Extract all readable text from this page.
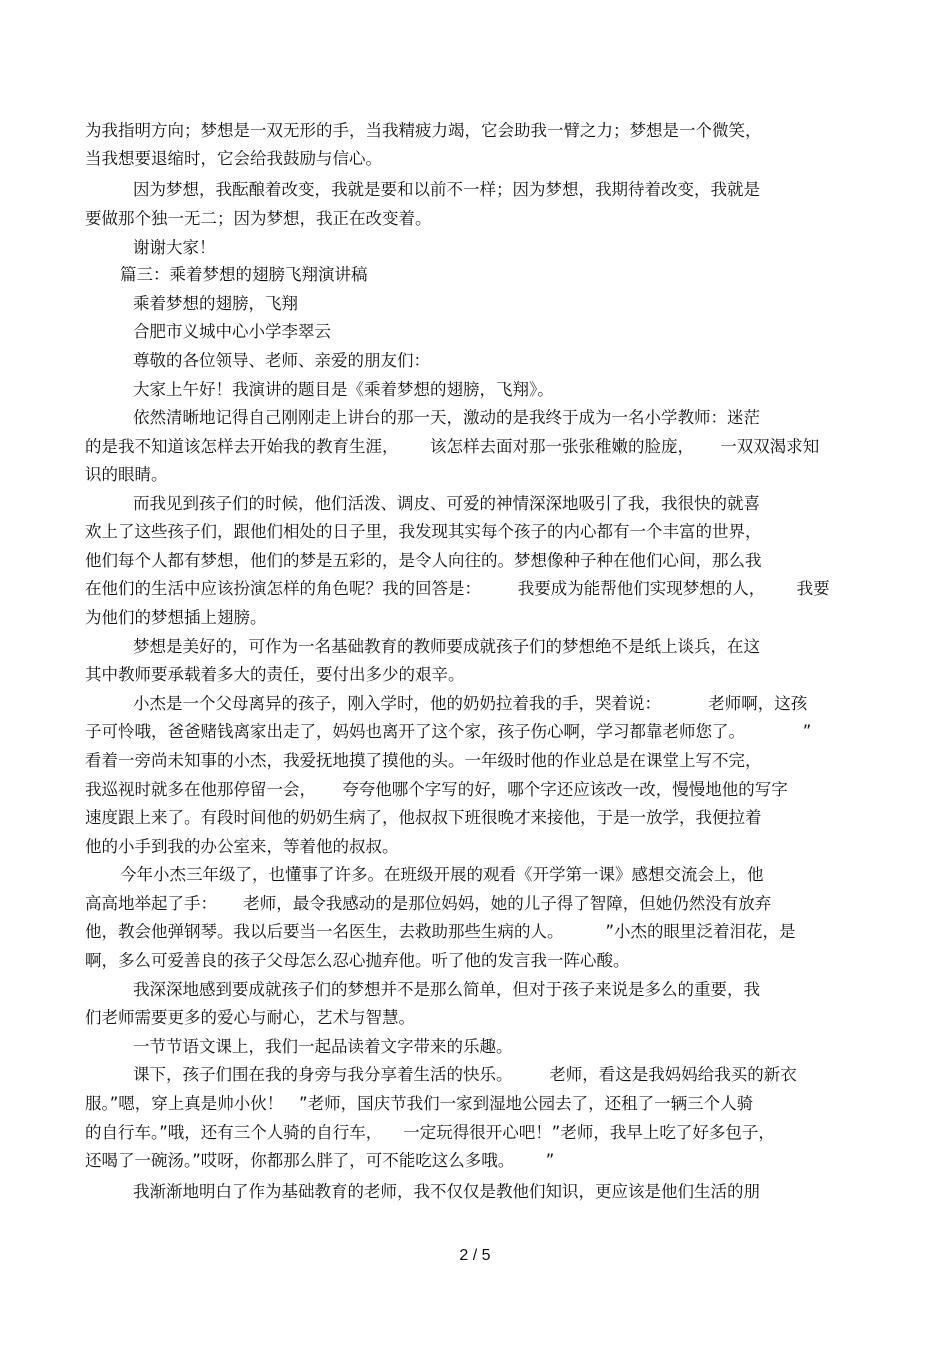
为我指明方向；梦想是一双无形的手，当我精疲力竭，它会助我一臂之力；梦想是一个微笑，

当我想要退缩时，它会给我鼓励与信心。

因为梦想，我酝酿着改变，我就是要和以前不一样；因为梦想，我期待着改变，我就是

要做那个独一无二；因为梦想，我正在改变着。

谢谢大家！

篇三：乘着梦想的翅膀飞翔演讲稿

乘着梦想的翅膀，飞翔

合肥市义城中心小学李翠云

尊敬的各位领导、老师、亲爱的朋友们：

大家上午好！我演讲的题目是《乘着梦想的翅膀，飞翔》。

依然清晰地记得自己刚刚走上讲台的那一天，激动的是我终于成为一名小学教师：迷茫

的是我不知道该怎样去开始我的教育生涯，      该怎样去面对那一张张稚嫩的脸庞，     一双双渴求知

识的眼睛。

而我见到孩子们的时候，他们活泼、调皮、可爱的神情深深地吸引了我，我很快的就喜

欢上了这些孩子们，跟他们相处的日子里，我发现其实每个孩子的内心都有一个丰富的世界，

他们每个人都有梦想，他们的梦是五彩的，是令人向往的。梦想像种子种在他们心间，那么我

在他们的生活中应该扮演怎样的角色呢？我的回答是：       我要成为能帮他们实现梦想的人，      我要

为他们的梦想插上翅膀。

梦想是美好的，可作为一名基础教育的教师要成就孩子们的梦想绝不是纸上谈兵，在这

其中教师要承载着多大的责任，要付出多少的艰辛。

小杰是一个父母离异的孩子，刚入学时，他的奶奶拉着我的手，哭着说：         老师啊，这孩

子可怜哦，爸爸赌钱离家出走了，妈妈也离开了这个家，孩子伤心啊，学习都靠老师您了。           ”

看着一旁尚未知事的小杰，我爱抚地摸了摸他的头。一年级时他的作业总是在课堂上写不完，

我巡视时就多在他那停留一会，     夸夸他哪个字写的好，哪个字还应该改一改，慢慢地他的写字

速度跟上来了。有段时间他的奶奶生病了，他叔叔下班很晚才来接他，于是一放学，我便拉着

他的小手到我的办公室来，等着他的叔叔。

今年小杰三年级了，也懂事了许多。在班级开展的观看《开学第一课》感想交流会上，他

高高地举起了手：     老师，最令我感动的是那位妈妈，她的儿子得了智障，但她仍然没有放弃

他，教会他弹钢琴。我以后要当一名医生，去救助那些生病的人。        ”小杰的眼里泛着泪花，是

啊，多么可爱善良的孩子父母怎么忍心抛弃他。听了他的发言我一阵心酸。

我深深地感到要成就孩子们的梦想并不是那么简单，但对于孩子来说是多么的重要，我

们老师需要更多的爱心与耐心，艺术与智慧。

一节节语文课上，我们一起品读着文字带来的乐趣。

课下，孩子们围在我的身旁与我分享着生活的快乐。       老师，看这是我妈妈给我买的新衣

服。”嗯，穿上真是帅小伙！   ”老师，国庆节我们一家到湿地公园去了，还租了一辆三个人骑

的自行车。”哦，还有三个人骑的自行车，    一定玩得很开心吧！”老师，我早上吃了好多包子，

还喝了一碗汤。”哎呀，你都那么胖了，可不能吃这么多哦。      ”

我渐渐地明白了作为基础教育的老师，我不仅仅是教他们知识，更应该是他们生活的朋

2 / 5
